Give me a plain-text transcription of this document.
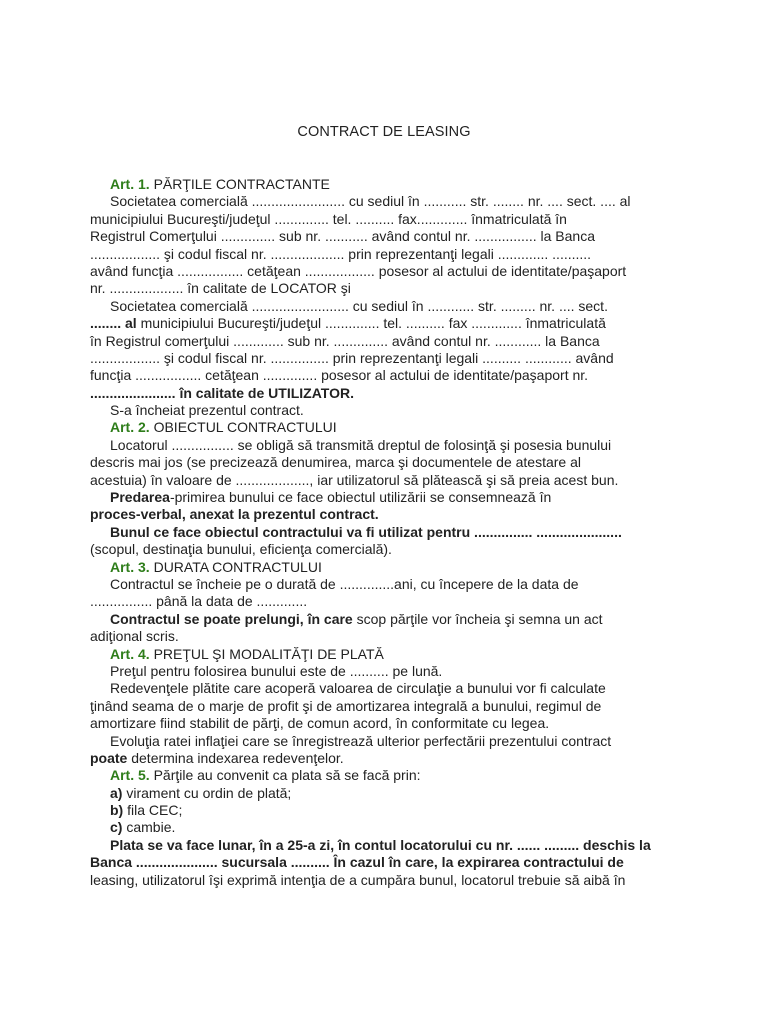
CONTRACT DE LEASING
Art. 1. PĂRŢILE CONTRACTANTE
Societatea comercială ........................ cu sediul în ........... str. ........ nr. .... sect. .... al
municipiului Bucureşti/judeţul .............. tel. .......... fax............. înmatriculată în
Registrul Comerţului .............. sub nr. ........... având contul nr. ................ la Banca
.................. şi codul fiscal nr. ................... prin reprezentanţi legali ............. ..........
având funcţia ................. cetăţean .................. posesor al actului de identitate/paşaport
nr. ................... în calitate de LOCATOR şi
Societatea comercială ......................... cu sediul în ............ str. ......... nr. .... sect.
........ al municipiului Bucureşti/judeţul .............. tel. .......... fax ............. înmatriculată
în Registrul comerţului ............. sub nr. .............. având contul nr. ............ la Banca
.................. şi codul fiscal nr. ............... prin reprezentanţi legali .......... ............ având
funcţia ................. cetăţean .............. posesor al actului de identitate/paşaport nr.
...................... în calitate de UTILIZATOR.
S-a încheiat prezentul contract.
Art. 2. OBIECTUL CONTRACTULUI
Locatorul ................ se obligă să transmită dreptul de folosinţă şi posesia bunului
descris mai jos (se precizează denumirea, marca şi documentele de atestare al
acestuia) în valoare de ..................., iar utilizatorul să plătească şi să preia acest bun.
Predarea-primirea bunului ce face obiectul utilizării se consemnează în
proces-verbal, anexat la prezentul contract.
Bunul ce face obiectul contractului va fi utilizat pentru ............... ......................
(scopul, destinaţia bunului, eficienţa comercială).
Art. 3. DURATA CONTRACTULUI
Contractul se încheie pe o durată de ..............ani, cu începere de la data de
................ până la data de .............
Contractul se poate prelungi, în care scop părţile vor încheia şi semna un act
adiţional scris.
Art. 4. PREŢUL ŞI MODALITĂŢI DE PLATĂ
Preţul pentru folosirea bunului este de .......... pe lună.
Redevenţele plătite care acoperă valoarea de circulaţie a bunului vor fi calculate
ţinând seama de o marje de profit şi de amortizarea integrală a bunului, regimul de
amortizare fiind stabilit de părţi, de comun acord, în conformitate cu legea.
Evoluţia ratei inflaţiei care se înregistrează ulterior perfectării prezentului contract
poate determina indexarea redevenţelor.
Art. 5. Părţile au convenit ca plata să se facă prin:
a) virament cu ordin de plată;
b) fila CEC;
c) cambie.
Plata se va face lunar, în a 25-a zi, în contul locatorului cu nr. ...... ......... deschis la
Banca ..................... sucursala .......... În cazul în care, la expirarea contractului de
leasing, utilizatorul îşi exprimă intenţia de a cumpăra bunul, locatorul trebuie să aibă în
